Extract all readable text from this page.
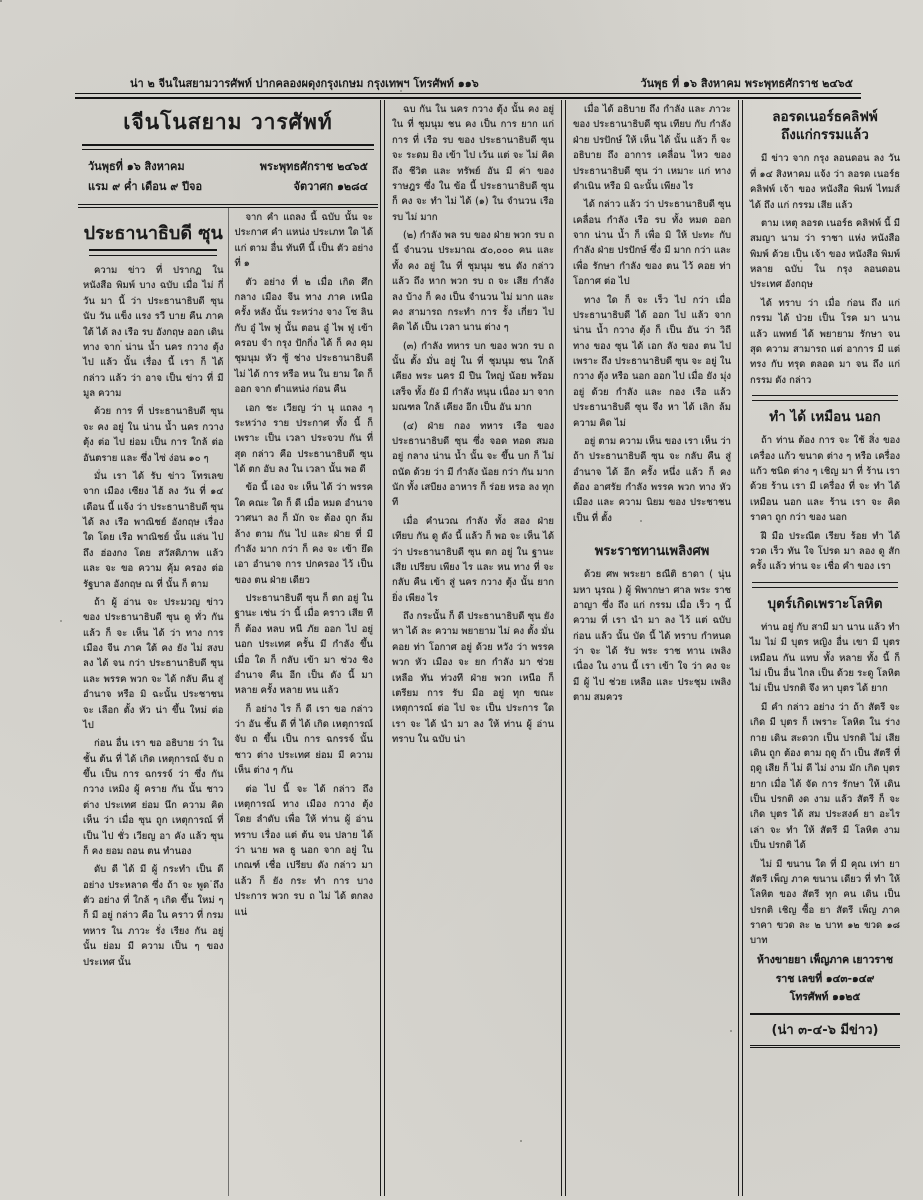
น่า ๒ จีนในสยามวารศัพท์ ปากคลองผดุงกรุงเกษม กรุงเทพฯ โทรศัพท์ ๑๑๖	วันพุธ ที่ ๑๖ สิงหาคม พระพุทธศักราช ๒๔๖๕
เจีนโนสยาม วารศัพท์
วันพุธที่ ๑๖ สิงหาคม	พระพุทธศักราช ๒๔๖๕
แรม ๙ ค่ำ เดือน ๙ ปีจอ	จัตวาศก ๑๒๘๔
ประธานาธิบดี ซุน

ความ ข่าว ที่ ปรากฏ ใน หนังสือ พิมพ์ บาง ฉบับ เมื่อ ไม่ กี่ วัน มา นี้ ว่า ประธานาธิบดี ซุน นับ วัน แข็ง แรง รวี บาย คืน ภาค ใต้ ได้ ลง เรือ รบ อังกฤษ ออก เดิน ทาง จาก น่าน น้ำ นคร กวาง ตุ้ง ไป แล้ว นั้น เรื่อง นี้ เรา ก็ ได้ กล่าว แล้ว ว่า อาจ เป็น ข่าว ที่ มี มูล ความ

ด้วย การ ที่ ประธานาธิบดี ซุน จะ คง อยู่ ใน น่าน น้ำ นคร กวาง ตุ้ง ต่อ ไป ย่อม เป็น การ ใกล้ ต่อ อันตราย และ ซึ่ง ไซ่ ง่อน ๑๐ ๆ

มั่น เรา ได้ รับ ข่าว โทรเลข จาก เมือง เซียง ไฮ้ ลง วัน ที่ ๑๔ เดือน นี้ แจ้ง ว่า ประธานาธิบดี ซุน ได้ ลง เรือ พาณิชย์ อังกฤษ เรื่อง ใด โดย เรือ พาณิชย์ นั้น แล่น ไป ถึง ฮ่องกง โดย สวัสดิภาพ แล้ว และ จะ ขอ ความ คุ้ม ครอง ต่อ รัฐบาล อังกฤษ ณ ที่ นั้น ก็ ตาม

ถ้า ผู้ อ่าน จะ ประมวญ ข่าว ของ ประธานาธิบดี ซุน ดู ทั่ว กัน แล้ว ก็ จะ เห็น ได้ ว่า ทาง การ เมือง จีน ภาค ใต้ คง ยัง ไม่ สงบ ลง ได้ จน กว่า ประธานาธิบดี ซุน และ พรรค พวก จะ ได้ กลับ คืน สู่ อำนาจ หรือ มิ ฉะนั้น ประชาชน จะ เลือก ตั้ง หัว น่า ขึ้น ใหม่ ต่อ ไป

ก่อน อื่น เรา ขอ อธิบาย ว่า ใน ชั้น ต้น ที่ ได้ เกิด เหตุการณ์ จับ ถ ขึ้น เป็น การ ฉกรรจ์ ว่า ซึ่ง กัน กวาง เหมิง ผู้ คราย กัน นั้น ชาว ต่าง ประเทศ ย่อม นึก ความ คิด เห็น ว่า เมื่อ ซุน ถูก เหตุการณ์ ที่ เป็น ไป ชั่ว เวียญ อา คัง แล้ว ซุน ก็ คง ยอม ถอน ตน ทำนอง

ดับ ดี ได้ มี ผู้ กระทำ เป็น ดี อย่าง ประหลาด ซึ่ง ถ้า จะ พูด ถึง ตัว อย่าง ที่ ใกล้ ๆ เกิด ขึ้น ใหม่ ๆ ก็ มี อยู่ กล่าว คือ ใน คราว ที่ กรม ทหาร ใน ภาวะ รั่ง เรียง กัน อยู่ นั้น ย่อม มี ความ เป็น ๆ ของ ประเทศ นั้น

จาก คำ แถลง นี้ ฉบับ นั้น จะ ประกาศ คำ แหน่ง ประเภท ใด ได้ แก่ ตาม อื่น ทันที นี้ เป็น ตัว อย่าง ที่ ๑

ตัว อย่าง ที่ ๒ เมื่อ เกิด ศึก กลาง เมือง จีน ทาง ภาค เหนือ ครั้ง หลัง นั้น ระหว่าง จาง โซ ลิน กับ อู๋ ไพ ฟู นั้น ตอน อู๋ ไพ ฟู เข้า ครอบ จำ กรุง ปักกิ่ง ได้ ก็ คง คุม ชุมนุม หัว ซู้ ช่าง ประธานาธิบดี ไม่ ได้ การ หรือ หน ใน ยาม ใด ก็ ออก จาก ตำแหน่ง ก่อน คืน

เอก ชะ เวียญ ว่า นุ แถลง ๆ ระหว่าง ราย ประกาศ ทั้ง นี้ ก็ เพราะ เป็น เวลา ประจวบ กัน ที่ สุด กล่าว คือ ประธานาธิบดี ซุน ได้ ตก อับ ลง ใน เวลา นั้น พอ ดี

ข้อ นี้ เอง จะ เห็น ได้ ว่า พรรค ใด คณะ ใด ก็ ดี เมื่อ หมด อำนาจ วาศนา ลง ก็ มัก จะ ต้อง ถูก ล้ม ล้าง ตาม กัน ไป และ ฝ่าย ที่ มี กำลัง มาก กว่า ก็ คง จะ เข้า ยึด เอา อำนาจ การ ปกครอง ไว้ เป็น ของ ตน ฝ่าย เดียว

ประธานาธิบดี ซุน ก็ ตก อยู่ ใน ฐานะ เช่น ว่า นี้ เมื่อ คราว เสีย ที ก็ ต้อง หลบ หนี ภัย ออก ไป อยู่ นอก ประเทศ ครั้น มี กำลัง ขึ้น เมื่อ ใด ก็ กลับ เข้า มา ช่วง ชิง อำนาจ คืน อีก เป็น ดัง นี้ มา หลาย ครั้ง หลาย หน แล้ว

ก็ อย่าง ไร ก็ ดี เรา ขอ กล่าว ว่า อัน ชั้น ดี ที่ ได้ เกิด เหตุการณ์ จับ ถ ขึ้น เป็น การ ฉกรรจ์ นั้น ชาว ต่าง ประเทศ ย่อม มี ความ เห็น ต่าง ๆ กัน

ต่อ ไป นี้ จะ ได้ กล่าว ถึง เหตุการณ์ ทาง เมือง กวาง ตุ้ง โดย ลำดับ เพื่อ ให้ ท่าน ผู้ อ่าน ทราบ เรื่อง แต่ ต้น จน ปลาย ได้ ว่า นาย พล ธู นอก จาก อยู่ ใน เกณฑ์ เชื่อ เปรียบ ดัง กล่าว มา แล้ว ก็ ยัง กระ ทำ การ บาง ประการ พวก รบ ถ ไม่ ได้ ตกลง แน่

ฉบ กัน ใน นคร กวาง ตุ้ง นั้น คง อยู่ ใน ที่ ชุมนุม ชน คง เป็น การ ยาก แก่ การ ที่ เรือ รบ ของ ประธานาธิบดี ซุน จะ ระดม ยิง เข้า ไป เว้น แต่ จะ ไม่ คิด ถึง ชีวิต และ ทรัพย์ อัน มี ค่า ของ ราษฎร ซึ่ง ใน ข้อ นี้ ประธานาธิบดี ซุน ก็ คง จะ ทำ ไม่ ได้ (๑) ใน จำนวน เรือ รบ ไม่ มาก

(๒) กำลัง พล รบ ของ ฝ่าย พวก รบ ถ นี้ จำนวน ประมาณ ๕๐,๐๐๐ คน และ ทั้ง คง อยู่ ใน ที่ ชุมนุม ชน ดัง กล่าว แล้ว ถึง หาก พวก รบ ถ จะ เสีย กำลัง ลง บ้าง ก็ คง เป็น จำนวน ไม่ มาก และ คง สามารถ กระทำ การ รั้ง เกี่ยว ไป คิด ได้ เป็น เวลา นาน ต่าง ๆ

(๓) กำลัง ทหาร บก ของ พวก รบ ถ นั้น ตั้ง มั่น อยู่ ใน ที่ ชุมนุม ชน ใกล้ เคียง พระ นคร มี ปืน ใหญ่ น้อย พร้อม เสร็จ ทั้ง ยัง มี กำลัง หนุน เนื่อง มา จาก มณฑล ใกล้ เคียง อีก เป็น อัน มาก

(๔) ฝ่าย กอง ทหาร เรือ ของ ประธานาธิบดี ซุน ซึ่ง จอด ทอด สมอ อยู่ กลาง น่าน น้ำ นั้น จะ ขึ้น บก ก็ ไม่ ถนัด ด้วย ว่า มี กำลัง น้อย กว่า กัน มาก นัก ทั้ง เสบียง อาหาร ก็ ร่อย หรอ ลง ทุก ที

เมื่อ คำนวณ กำลัง ทั้ง สอง ฝ่าย เทียบ กัน ดู ดัง นี้ แล้ว ก็ พอ จะ เห็น ได้ ว่า ประธานาธิบดี ซุน ตก อยู่ ใน ฐานะ เสีย เปรียบ เพียง ไร และ หน ทาง ที่ จะ กลับ คืน เข้า สู่ นคร กวาง ตุ้ง นั้น ยาก ยิ่ง เพียง ไร

ถึง กระนั้น ก็ ดี ประธานาธิบดี ซุน ยัง หา ได้ ละ ความ พยายาม ไม่ คง ตั้ง มั่น คอย ท่า โอกาศ อยู่ ด้วย หวัง ว่า พรรค พวก หัว เมือง จะ ยก กำลัง มา ช่วย เหลือ ทัน ท่วงที ฝ่าย พวก เหนือ ก็ เตรียม การ รับ มือ อยู่ ทุก ขณะ เหตุการณ์ ต่อ ไป จะ เป็น ประการ ใด เรา จะ ได้ นำ มา ลง ให้ ท่าน ผู้ อ่าน ทราบ ใน ฉบับ น่า

เมื่อ ได้ อธิบาย ถึง กำลัง และ ภาวะ ของ ประธานาธิบดี ซุน เทียบ กับ กำลัง ฝ่าย ปรปักษ์ ให้ เห็น ได้ นั้น แล้ว ก็ จะ อธิบาย ถึง อาการ เคลื่อน ไหว ของ ประธานาธิบดี ซุน ว่า เหมาะ แก่ ทาง ดำเนิน หรือ มิ ฉะนั้น เพียง ไร

ได้ กล่าว แล้ว ว่า ประธานาธิบดี ซุน เคลื่อน กำลัง เรือ รบ ทั้ง หมด ออก จาก น่าน น้ำ ก็ เพื่อ มิ ให้ ปะทะ กับ กำลัง ฝ่าย ปรปักษ์ ซึ่ง มี มาก กว่า และ เพื่อ รักษา กำลัง ของ ตน ไว้ คอย ท่า โอกาศ ต่อ ไป

ทาง ใด ก็ จะ เร็ว ไป กว่า เมื่อ ประธานาธิบดี ได้ ออก ไป แล้ว จาก น่าน น้ำ กวาง ตุ้ง ก็ เป็น อัน ว่า วิถี ทาง ของ ซุน ได้ เอก ลัง ของ ตน ไป เพราะ ถึง ประธานาธิบดี ซุน จะ อยู่ ใน กวาง ตุ้ง หรือ นอก ออก ไป เมื่อ ยัง มุ่ง อยู่ ด้วย กำลัง และ กอง เรือ แล้ว ประธานาธิบดี ซุน จึง หา ได้ เลิก ล้ม ความ คิด ไม่

อยู่ ตาม ความ เห็น ของ เรา เห็น ว่า ถ้า ประธานาธิบดี ซุน จะ กลับ คืน สู่ อำนาจ ได้ อีก ครั้ง หนึ่ง แล้ว ก็ คง ต้อง อาศรัย กำลัง พรรค พวก ทาง หัว เมือง และ ความ นิยม ของ ประชาชน เป็น ที่ ตั้ง

พระราชทานเพลิงศพ

ด้วย ศพ พระยา ธณีติ ธาดา ( นุ่น มหา นุรณ ) ผู้ พิพากษา ศาล พระ ราช อาญา ซึ่ง ถึง แก่ กรรม เมื่อ เร็ว ๆ นี้ ความ ที่ เรา นำ มา ลง ไว้ แต่ ฉบับ ก่อน แล้ว นั้น บัด นี้ ได้ ทราบ กำหนด ว่า จะ ได้ รับ พระ ราช ทาน เพลิง เนื่อง ใน งาน นี้ เรา เข้า ใจ ว่า คง จะ มี ผู้ ไป ช่วย เหลือ และ ประชุม เพลิง ตาม สมควร

ลอรดเนอร์ธคลิฟพ์
ถึงแก่กรรมแล้ว

มี ข่าว จาก กรุง ลอนดอน ลง วัน ที่ ๑๔ สิงหาคม แจ้ง ว่า ลอรด เนอร์ธ คลิฟพ์ เจ้า ของ หนังสือ พิมพ์ ไทมส์ ได้ ถึง แก่ กรรม เสีย แล้ว

ตาม เหตุ ลอรด เนอร์ธ คลิฟพ์ นี้ มี สมญา นาม ว่า ราชา แห่ง หนังสือ พิมพ์ ด้วย เป็น เจ้า ของ หนังสือ พิมพ์ หลาย ฉบับ ใน กรุง ลอนดอน ประเทศ อังกฤษ

ได้ ทราบ ว่า เมื่อ ก่อน ถึง แก่ กรรม ได้ ป่วย เป็น โรค มา นาน แล้ว แพทย์ ได้ พยายาม รักษา จน สุด ความ สามารถ แต่ อาการ มี แต่ ทรง กับ ทรุด ตลอด มา จน ถึง แก่ กรรม ดัง กล่าว

ทำ ได้ เหมือน นอก

ถ้า ท่าน ต้อง การ จะ ใช้ สิ่ง ของ เครื่อง แก้ว ขนาด ต่าง ๆ หรือ เครื่อง แก้ว ชนิด ต่าง ๆ เชิญ มา ที่ ร้าน เรา ด้วย ร้าน เรา มี เครื่อง ที่ จะ ทำ ได้ เหมือน นอก และ ร้าน เรา จะ คิด ราคา ถูก กว่า ของ นอก

ฝี มือ ประณีต เรียบ ร้อย ทำ ได้ รวด เร็ว ทัน ใจ โปรด มา ลอง ดู สัก ครั้ง แล้ว ท่าน จะ เชื่อ คำ ของ เรา

บุตร์เกิดเพราะโลหิต

ท่าน อยู่ กับ สามี มา นาน แล้ว ทำ ไม ไม่ มี บุตร หญิง อื่น เขา มี บุตร เหมือน กัน แทบ ทั้ง หลาย ทั้ง นี้ ก็ ไม่ เป็น อื่น ไกล เป็น ด้วย ระดู โลหิต ไม่ เป็น ปรกติ จึง หา บุตร ได้ ยาก

มี คำ กล่าว อย่าง ว่า ถ้า สัตรี จะ เกิด มี บุตร ก็ เพราะ โลหิต ใน ร่าง กาย เดิน สะดวก เป็น ปรกติ ไม่ เสีย เดิน ถูก ต้อง ตาม ฤดู ถ้า เป็น สัตรี ที่ ฤดู เสีย ก็ ไม่ ดี ไม่ งาม มัก เกิด บุตร ยาก เมื่อ ได้ จัด การ รักษา ให้ เดิน เป็น ปรกติ งด งาม แล้ว สัตรี ก็ จะ เกิด บุตร ได้ สม ประสงค์ ยา อะไร เล่า จะ ทำ ให้ สัตรี มี โลหิต งาม เป็น ปรกติ ได้

ไม่ มี ขนาน ใด ที่ มี คุณ เท่า ยา สัตรี เพ็ญ ภาค ขนาน เดียว ที่ ทำ ให้ โลหิต ของ สัตรี ทุก คน เดิน เป็น ปรกติ เชิญ ซื้อ ยา สัตรี เพ็ญ ภาค ราคา ขวด ละ ๒ บาท ๑๒ ขวด ๑๘ บาท

ห้างขายยา เพ็ญภาค เยาวราช

ราช เลขที่ ๑๔๓-๑๔๙

โทรศัพท์ ๑๑๒๕

(น่า ๓-๔-๖ มีข่าว)
